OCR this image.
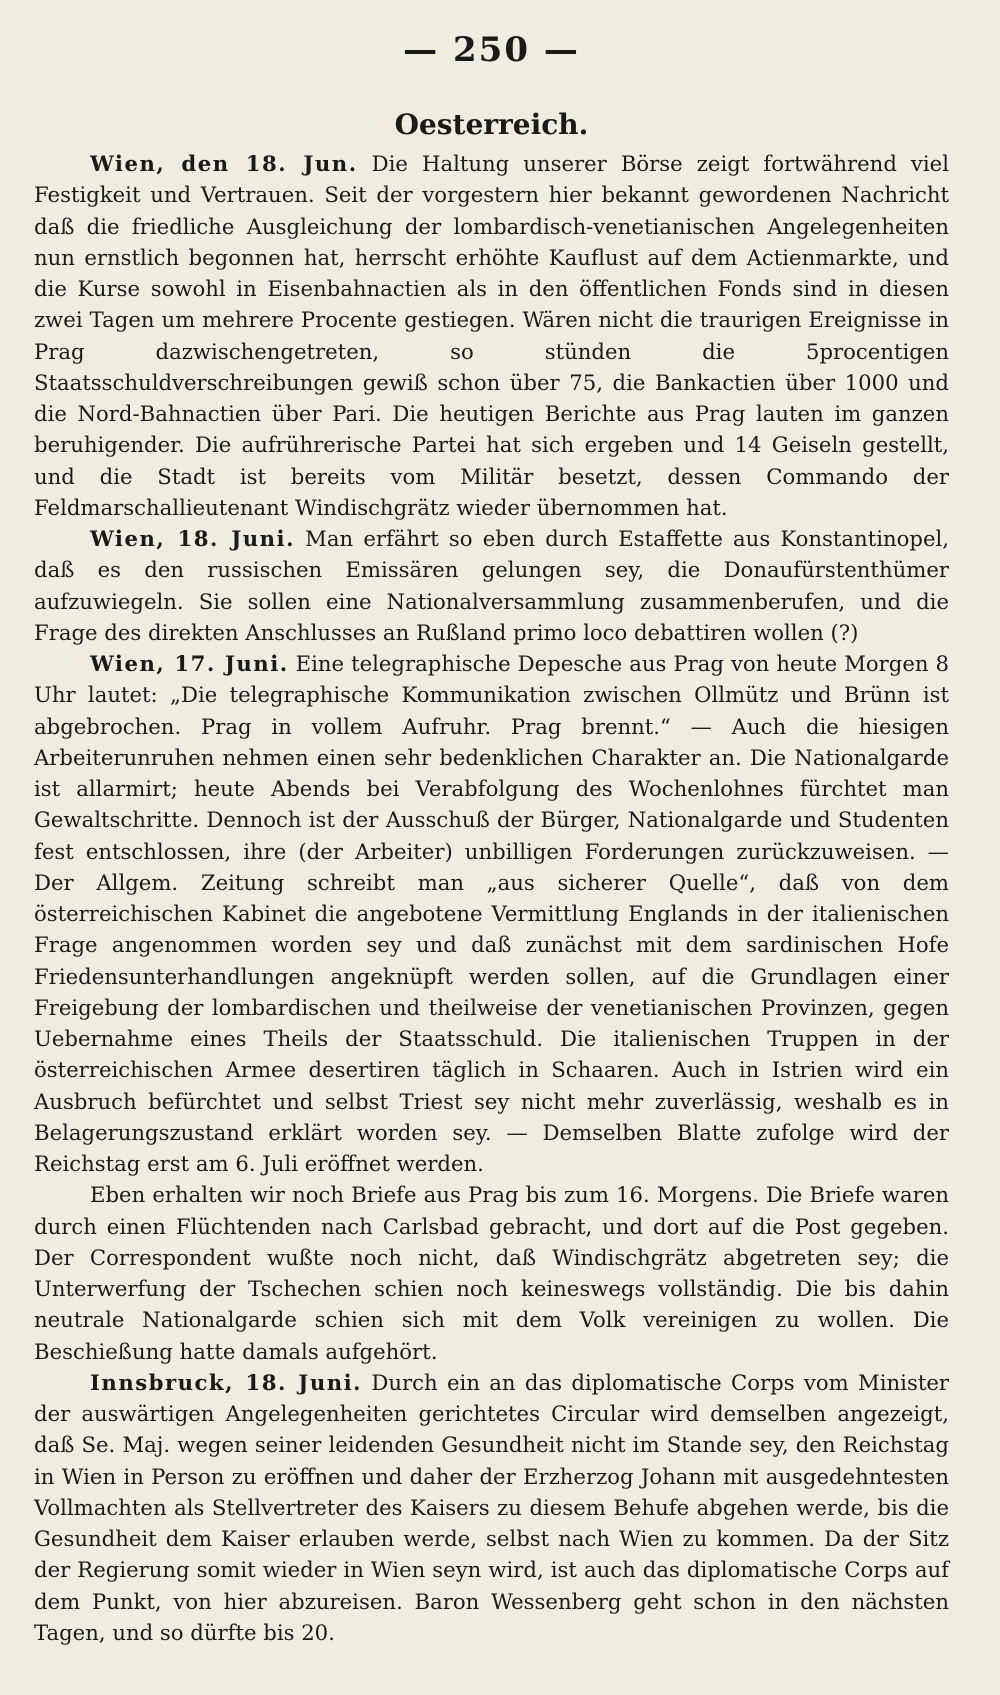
— 250 —
Oesterreich.

Wien, den 18. Jun. Die Haltung unserer Börse zeigt fortwährend viel Festigkeit und Vertrauen. Seit der vorgestern hier bekannt gewordenen Nachricht daß die friedliche Ausgleichung der lombardisch-venetianischen Angelegenheiten nun ernstlich begonnen hat, herrscht erhöhte Kauflust auf dem Actienmarkte, und die Kurse sowohl in Eisenbahnactien als in den öffentlichen Fonds sind in diesen zwei Tagen um mehrere Procente gestiegen. Wären nicht die traurigen Ereignisse in Prag dazwischengetreten, so stünden die 5procentigen Staatsschuldverschreibungen gewiß schon über 75, die Bankactien über 1000 und die Nord-Bahnactien über Pari. Die heutigen Berichte aus Prag lauten im ganzen beruhigender. Die aufrührerische Partei hat sich ergeben und 14 Geiseln gestellt, und die Stadt ist bereits vom Militär besetzt, dessen Commando der Feldmarschallieutenant Windischgrätz wieder übernommen hat.

Wien, 18. Juni. Man erfährt so eben durch Estaffette aus Konstantinopel, daß es den russischen Emissären gelungen sey, die Donaufürstenthümer aufzuwiegeln. Sie sollen eine Nationalversammlung zusammenberufen, und die Frage des direkten Anschlusses an Rußland primo loco debattiren wollen (?)

Wien, 17. Juni. Eine telegraphische Depesche aus Prag von heute Morgen 8 Uhr lautet: „Die telegraphische Kommunikation zwischen Ollmütz und Brünn ist abgebrochen. Prag in vollem Aufruhr. Prag brennt.“ — Auch die hiesigen Arbeiterunruhen nehmen einen sehr bedenklichen Charakter an. Die Nationalgarde ist allarmirt; heute Abends bei Verabfolgung des Wochenlohnes fürchtet man Gewaltschritte. Dennoch ist der Ausschuß der Bürger, Nationalgarde und Studenten fest entschlossen, ihre (der Arbeiter) unbilligen Forderungen zurückzuweisen. — Der Allgem. Zeitung schreibt man „aus sicherer Quelle“, daß von dem österreichischen Kabinet die angebotene Vermittlung Englands in der italienischen Frage angenommen worden sey und daß zunächst mit dem sardinischen Hofe Friedensunterhandlungen angeknüpft werden sollen, auf die Grundlagen einer Freigebung der lombardischen und theilweise der venetianischen Provinzen, gegen Uebernahme eines Theils der Staatsschuld. Die italienischen Truppen in der österreichischen Armee desertiren täglich in Schaaren. Auch in Istrien wird ein Ausbruch befürchtet und selbst Triest sey nicht mehr zuverlässig, weshalb es in Belagerungszustand erklärt worden sey. — Demselben Blatte zufolge wird der Reichstag erst am 6. Juli eröffnet werden.

Eben erhalten wir noch Briefe aus Prag bis zum 16. Morgens. Die Briefe waren durch einen Flüchtenden nach Carlsbad gebracht, und dort auf die Post gegeben. Der Correspondent wußte noch nicht, daß Windischgrätz abgetreten sey; die Unterwerfung der Tschechen schien noch keineswegs vollständig. Die bis dahin neutrale Nationalgarde schien sich mit dem Volk vereinigen zu wollen. Die Beschießung hatte damals aufgehört.

Innsbruck, 18. Juni. Durch ein an das diplomatische Corps vom Minister der auswärtigen Angelegenheiten gerichtetes Circular wird demselben angezeigt, daß Se. Maj. wegen seiner leidenden Gesundheit nicht im Stande sey, den Reichstag in Wien in Person zu eröffnen und daher der Erzherzog Johann mit ausgedehntesten Vollmachten als Stellvertreter des Kaisers zu diesem Behufe abgehen werde, bis die Gesundheit dem Kaiser erlauben werde, selbst nach Wien zu kommen. Da der Sitz der Regierung somit wieder in Wien seyn wird, ist auch das diplomatische Corps auf dem Punkt, von hier abzureisen. Baron Wessenberg geht schon in den nächsten Tagen, und so dürfte bis 20.
